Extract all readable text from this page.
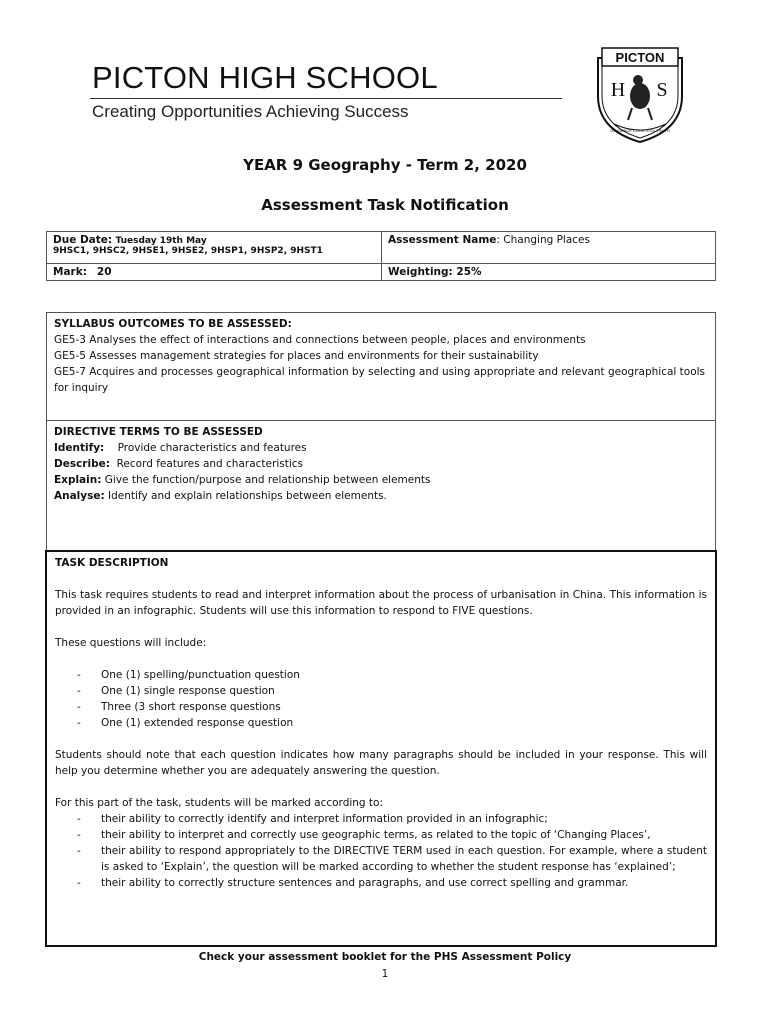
PICTON HIGH SCHOOL
Creating Opportunities Achieving Success
PICTON
H S
DILIGENCE COURTESY TRUTH
YEAR 9 Geography - Term 2, 2020
Assessment Task Notification
Due Date: Tuesday 19th May
9HSC1, 9HSC2, 9HSE1, 9HSE2, 9HSP1, 9HSP2, 9HST1
Assessment Name: Changing Places
Mark: 20	Weighting: 25%
SYLLABUS OUTCOMES TO BE ASSESSED:
GE5-3 Analyses the effect of interactions and connections between people, places and environments
GE5-5 Assesses management strategies for places and environments for their sustainability
GE5-7 Acquires and processes geographical information by selecting and using appropriate and relevant geographical tools for inquiry
DIRECTIVE TERMS TO BE ASSESSED
Identify:    Provide characteristics and features
Describe:  Record features and characteristics
Explain: Give the function/purpose and relationship between elements
Analyse: Identify and explain relationships between elements.

TASK DESCRIPTION

This task requires students to read and interpret information about the process of urbanisation in China. This information is provided in an infographic. Students will use this information to respond to FIVE questions.

These questions will include:

- One (1) spelling/punctuation question
- One (1) single response question
- Three (3 short response questions
- One (1) extended response question

Students should note that each question indicates how many paragraphs should be included in your response. This will help you determine whether you are adequately answering the question.

For this part of the task, students will be marked according to:
- their ability to correctly identify and interpret information provided in an infographic;
- their ability to interpret and correctly use geographic terms, as related to the topic of ‘Changing Places’,
- their ability to respond appropriately to the DIRECTIVE TERM used in each question. For example, where a student is asked to ‘Explain’, the question will be marked according to whether the student response has ‘explained’;
- their ability to correctly structure sentences and paragraphs, and use correct spelling and grammar.
Check your assessment booklet for the PHS Assessment Policy
1
